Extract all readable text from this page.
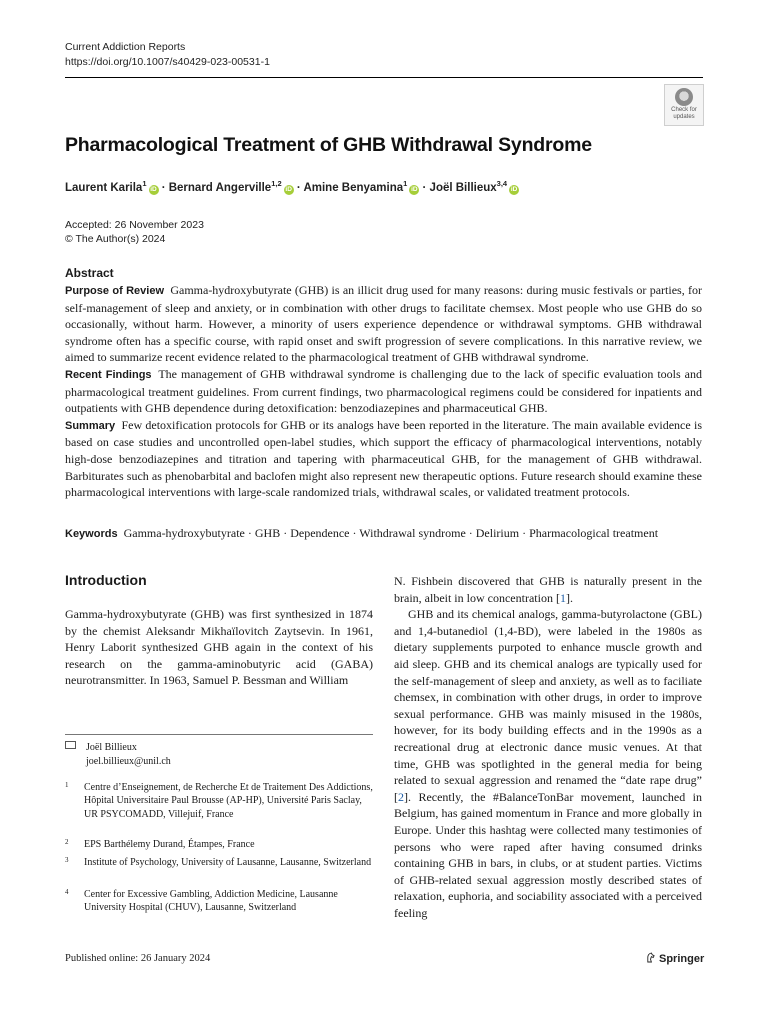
Current Addiction Reports
https://doi.org/10.1007/s40429-023-00531-1
Check for
updates
Pharmacological Treatment of GHB Withdrawal Syndrome
Laurent Karila$^1$iD · Bernard Angerville$^{1,2}$iD · Amine Benyamina$^1$iD · Joël Billieux$^{3,4}$iD
Accepted: 26 November 2023
© The Author(s) 2024
Abstract

Purpose of Review Gamma-hydroxybutyrate (GHB) is an illicit drug used for many reasons: during music festivals or parties, for self-management of sleep and anxiety, or in combination with other drugs to facilitate chemsex. Most people who use GHB do so occasionally, without harm. However, a minority of users experience dependence or withdrawal symptoms. GHB withdrawal syndrome often has a specific course, with rapid onset and swift progression of severe complications. In this narrative review, we aimed to summarize recent evidence related to the pharmacological treatment of GHB withdrawal syndrome.

Recent Findings The management of GHB withdrawal syndrome is challenging due to the lack of specific evaluation tools and pharmacological treatment guidelines. From current findings, two pharmacological regimens could be considered for inpatients and outpatients with GHB dependence during detoxification: benzodiazepines and pharmaceutical GHB.

Summary Few detoxification protocols for GHB or its analogs have been reported in the literature. The main available evidence is based on case studies and uncontrolled open-label studies, which support the efficacy of pharmacological interventions, notably high-dose benzodiazepines and titration and tapering with pharmaceutical GHB, for the management of GHB withdrawal. Barbiturates such as phenobarbital and baclofen might also represent new therapeutic options. Future research should examine these pharmacological interventions with large-scale randomized trials, withdrawal scales, or validated treatment protocols.

Keywords Gamma-hydroxybutyrate · GHB · Dependence · Withdrawal syndrome · Delirium · Pharmacological treatment
Introduction

Gamma-hydroxybutyrate (GHB) was first synthesized in 1874 by the chemist Aleksandr Mikhaïlovitch Zaytsevin. In 1961, Henry Laborit synthesized GHB again in the context of his research on the gamma-aminobutyric acid (GABA) neurotransmitter. In 1963, Samuel P. Bessman and William

Joël Billieux
joel.billieux@unil.ch
1 Centre d’Enseignement, de Recherche Et de Traitement Des Addictions, Hôpital Universitaire Paul Brousse (AP-HP), Université Paris Saclay, UR PSYCOMADD, Villejuif, France
2 EPS Barthélemy Durand, Étampes, France
3 Institute of Psychology, University of Lausanne, Lausanne, Switzerland
4 Center for Excessive Gambling, Addiction Medicine, Lausanne University Hospital (CHUV), Lausanne, Switzerland

N. Fishbein discovered that GHB is naturally present in the brain, albeit in low concentration [1].

GHB and its chemical analogs, gamma-butyrolactone (GBL) and 1,4-butanediol (1,4-BD), were labeled in the 1980s as dietary supplements purpoted to enhance muscle growth and aid sleep. GHB and its chemical analogs are typically used for the self-management of sleep and anxiety, as well as to faciliate chemsex, in combination with other drugs, in order to improve sexual performance. GHB was mainly misused in the 1980s, however, for its body building effects and in the 1990s as a recreational drug at electronic dance music venues. At that time, GHB was spotlighted in the general media for being related to sexual aggression and renamed the “date rape drug” [2]. Recently, the #BalanceTonBar movement, launched in Belgium, has gained momentum in France and more globally in Europe. Under this hashtag were collected many testimonies of persons who were raped after having consumed drinks containing GHB in bars, in clubs, or at student parties. Victims of GHB-related sexual aggression mostly described states of relaxation, euphoria, and sociability associated with a perceived feeling

Published online: 26 January 2024	Springer
